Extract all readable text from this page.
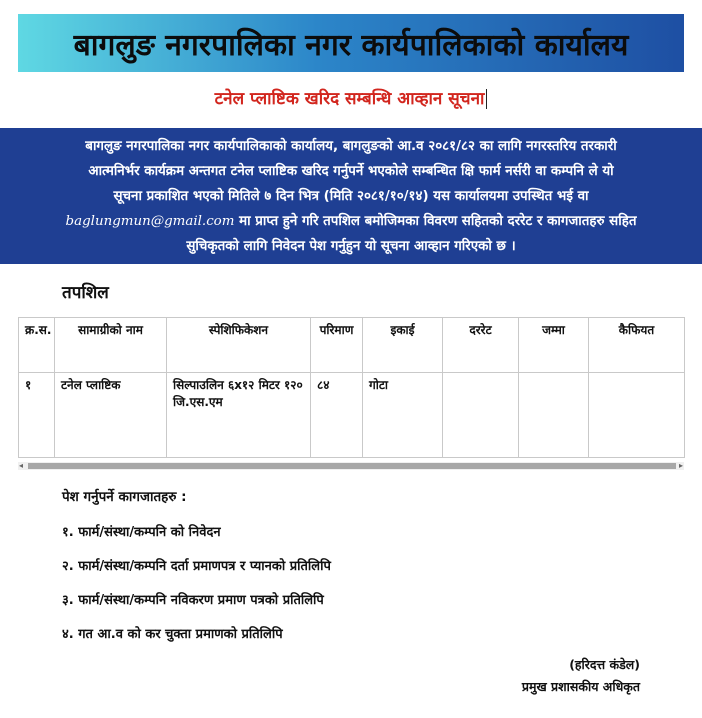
बागलुङ नगरपालिका नगर कार्यपालिकाको कार्यालय
टनेल प्लाष्टिक खरिद सम्बन्धि आव्हान सूचना
बागलुङ नगरपालिका नगर कार्यपालिकाको कार्यालय, बागलुङको आ.व २०८१/८२ का लागि नगरस्तरिय तरकारी
आत्मनिर्भर कार्यक्रम अन्तगत टनेल प्लाष्टिक खरिद गर्नुपर्ने भएकोले सम्बन्धित क्षि फार्म नर्सरी वा कम्पनि ले यो
सूचना प्रकाशित भएको मितिले ७ दिन भित्र (मिति २०८१/१०/१४) यस कार्यालयमा उपस्थित भई वा
baglungmun@gmail.com मा प्राप्त हुने गरि तपशिल बमोजिमका विवरण सहितको दररेट र कागजातहरु सहित
सुचिकृतको लागि निवेदन पेश गर्नुहुन यो सूचना आव्हान गरिएको छ ।
तपशिल
क्र.स.	सामाग्रीको नाम	स्पेशिफिकेशन	परिमाण	इकाई	दररेट	जम्मा	कैफियत
१	टनेल प्लाष्टिक	सिल्पाउलिन ६x१२ मिटर १२० जि.एस.एम	८४	गोटा			
◂	▸
पेश गर्नुपर्ने कागजातहरु :
१. फार्म/संस्था/कम्पनि को निवेदन
२. फार्म/संस्था/कम्पनि दर्ता प्रमाणपत्र र प्यानको प्रतिलिपि
३. फार्म/संस्था/कम्पनि नविकरण प्रमाण पत्रको प्रतिलिपि
४. गत आ.व को कर चुक्ता प्रमाणको प्रतिलिपि
(हरिदत्त कंडेल)
प्रमुख प्रशासकीय अधिकृत
